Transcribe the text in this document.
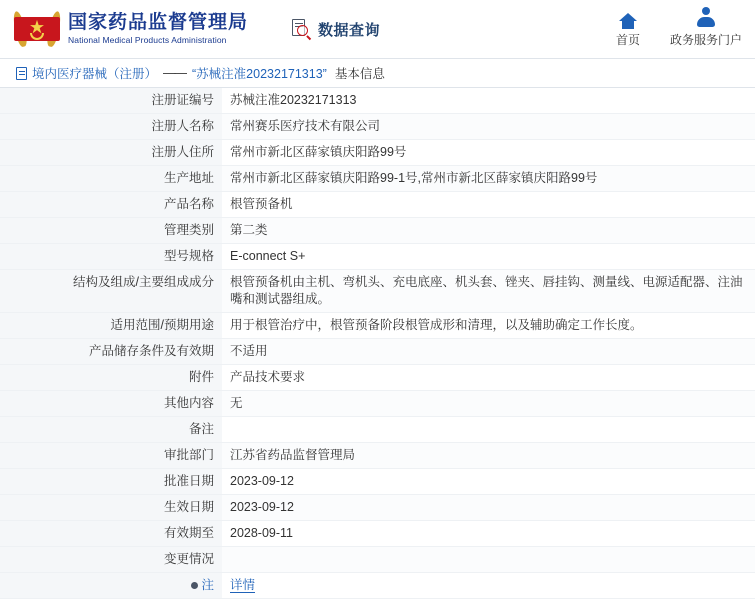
★ 国家药品监督管理局
National Medical Products Administration
数据查询
首页 政务服务门户
境内医疗器械（注册） —— “苏械注准20232171313” 基本信息
注册证编号	苏械注准20232171313
注册人名称	常州赛乐医疗技术有限公司
注册人住所	常州市新北区薛家镇庆阳路99号
生产地址	常州市新北区薛家镇庆阳路99-1号,常州市新北区薛家镇庆阳路99号
产品名称	根管预备机
管理类别	第二类
型号规格	E-connect S+
结构及组成/主要组成成分	根管预备机由主机、弯机头、充电底座、机头套、锉夹、唇挂钩、测量线、电源适配器、注油嘴和测试器组成。
适用范围/预期用途	用于根管治疗中，根管预备阶段根管成形和清理，以及辅助确定工作长度。
产品储存条件及有效期	不适用
附件	产品技术要求
其他内容	无
备注	
审批部门	江苏省药品监督管理局
批准日期	2023-09-12
生效日期	2023-09-12
有效期至	2028-09-11
变更情况	

注	详情
